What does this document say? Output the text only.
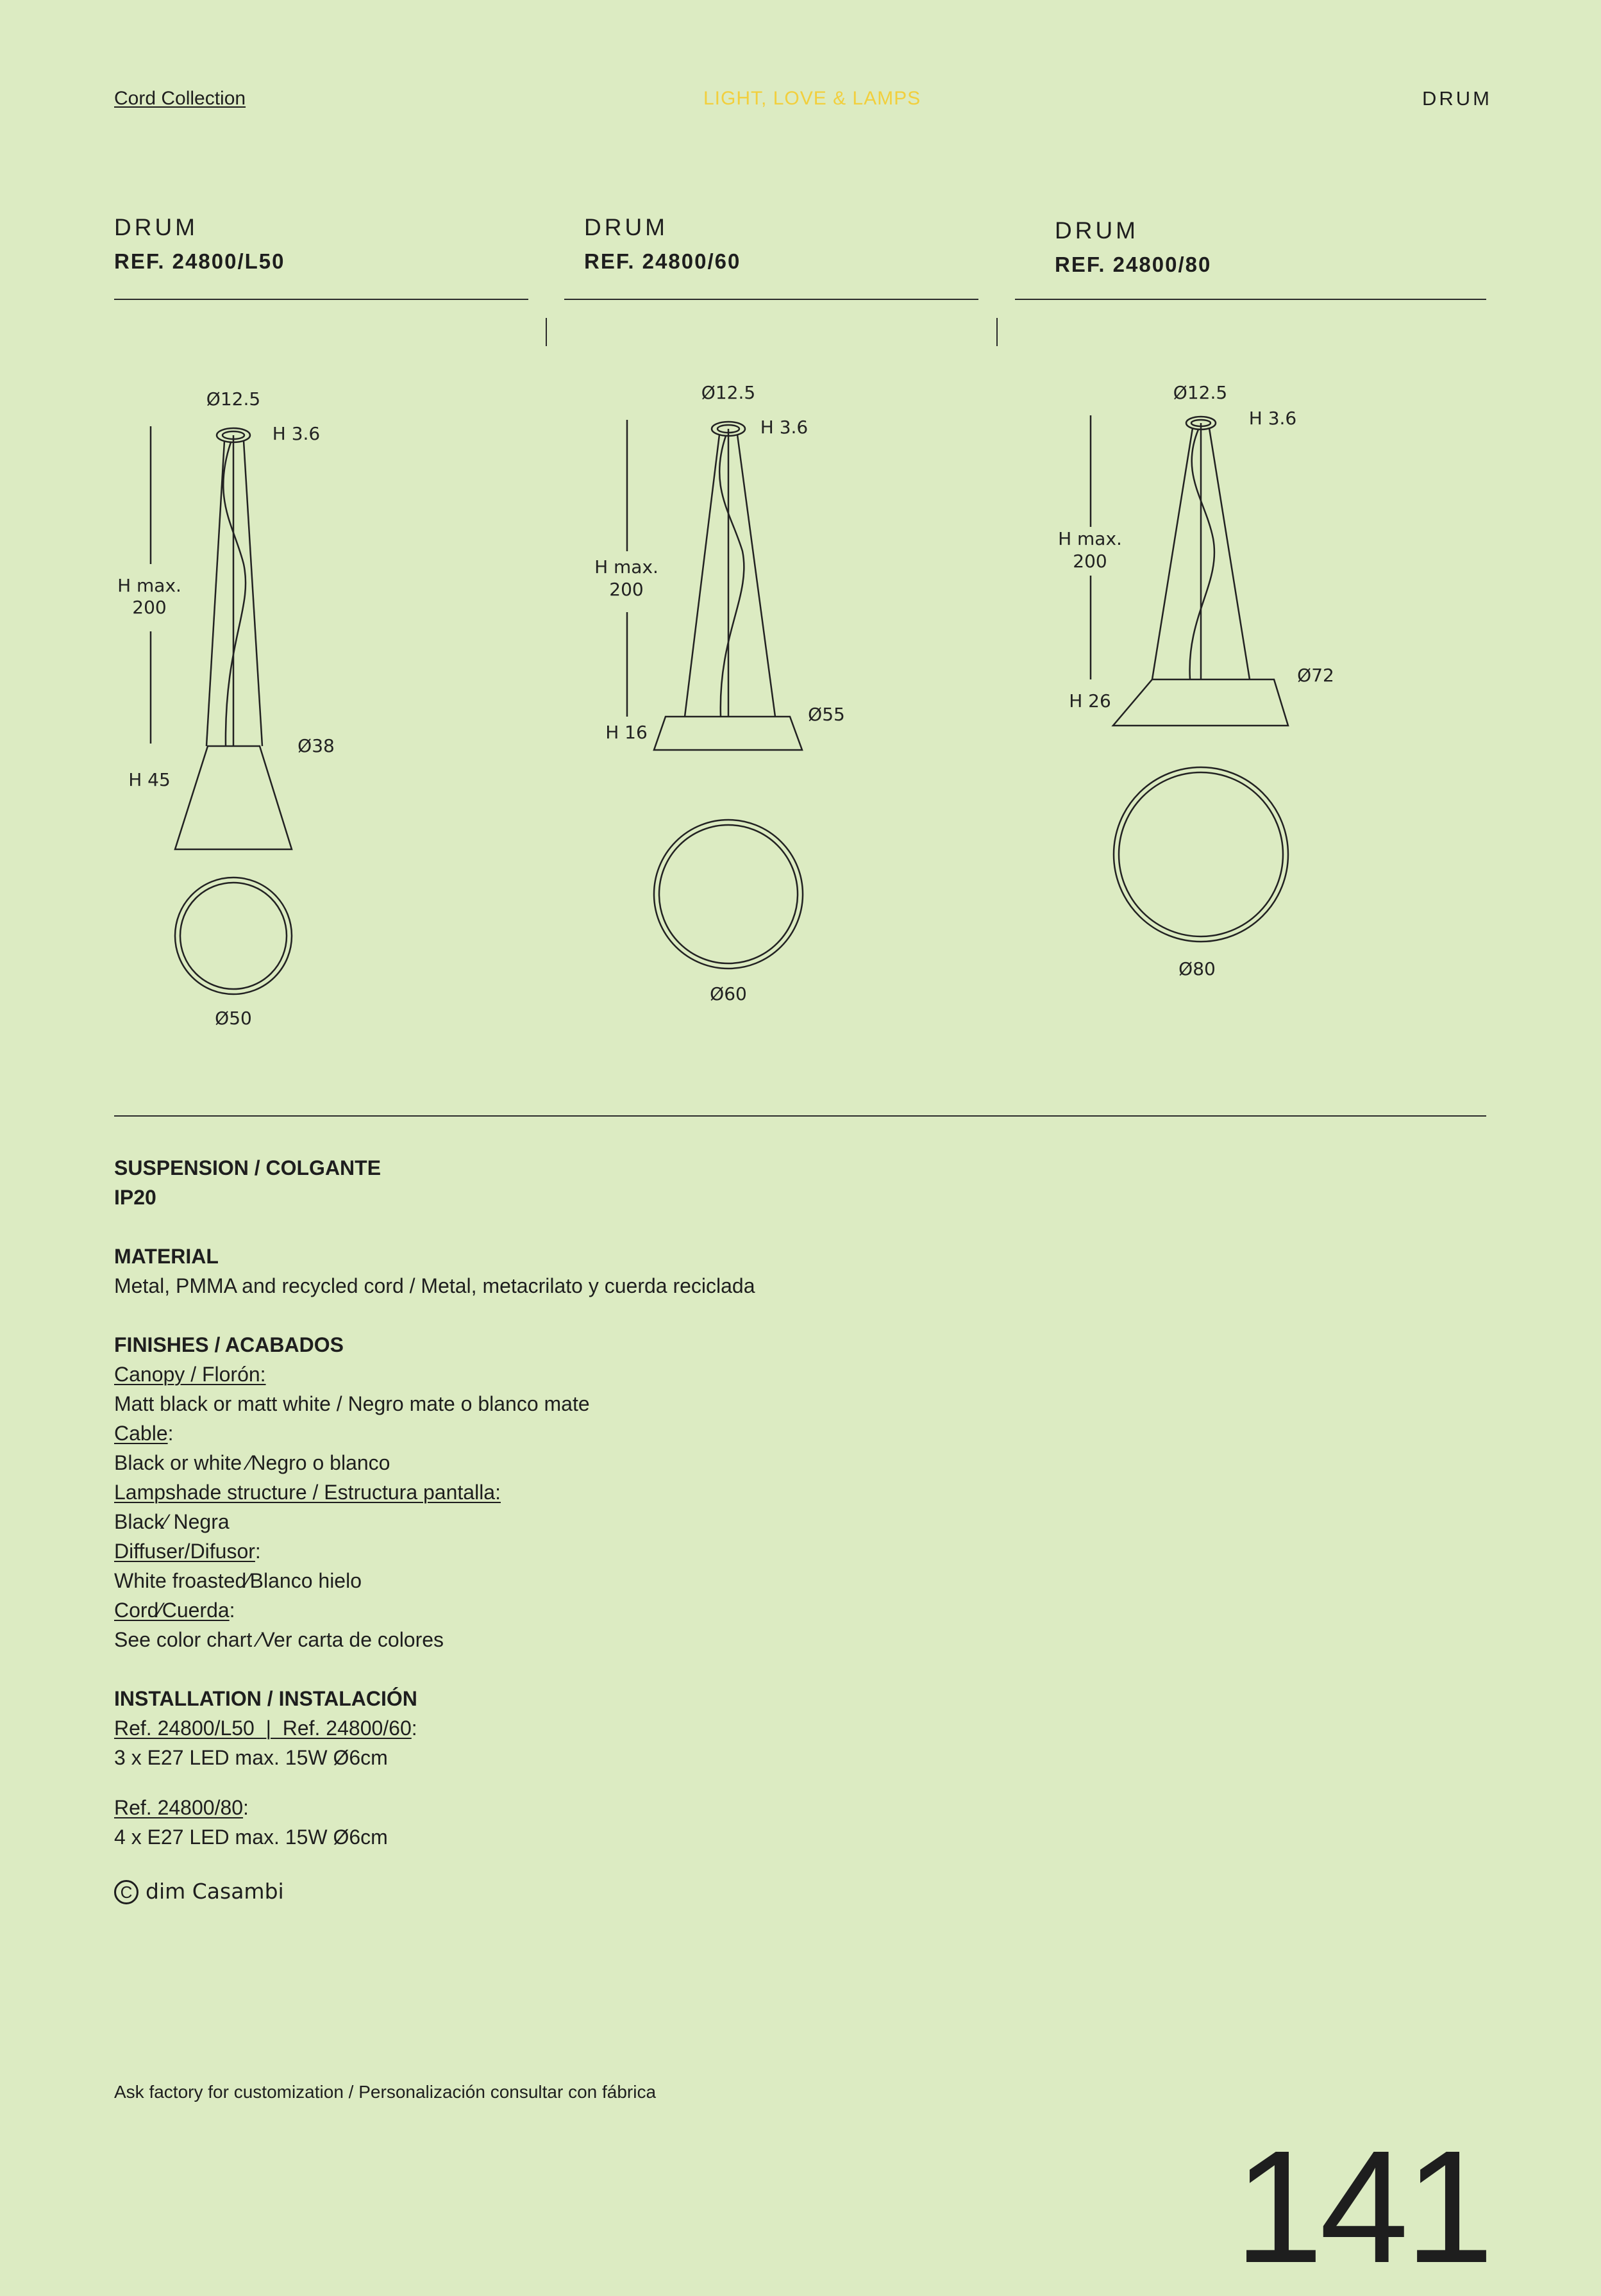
Cord Collection	LIGHT, LOVE & LAMPS	DRUM
DRUM
REF. 24800/L50
DRUM
REF. 24800/60
DRUM
REF. 24800/80
Ø12.5
H 3.6
H max.
200
Ø38
H 45
Ø50
Ø12.5
H 3.6
H max.
200
Ø55
H 16
Ø60
Ø12.5
H 3.6
H max.
200
Ø72
H 26
Ø80
SUSPENSION / COLGANTE
IP20
MATERIAL
Metal, PMMA and recycled cord / Metal, metacrilato y cuerda reciclada
FINISHES / ACABADOS
Canopy / Florón:
Matt black or matt white / Negro mate o blanco mate
Cable:
Black or white ⁄Negro o blanco
Lampshade structure / Estructura pantalla:
Black⁄ Negra
Diffuser/Difusor:
White froasted⁄Blanco hielo
Cord⁄Cuerda:
See color chart ⁄Ver carta de colores
INSTALLATION / INSTALACIÓN
Ref. 24800/L50  |  Ref. 24800/60:
3 x E27 LED max. 15W Ø6cm
Ref. 24800/80:
4 x E27 LED max. 15W Ø6cm
C dim Casambi
Ask factory for customization / Personalización consultar con fábrica
141
